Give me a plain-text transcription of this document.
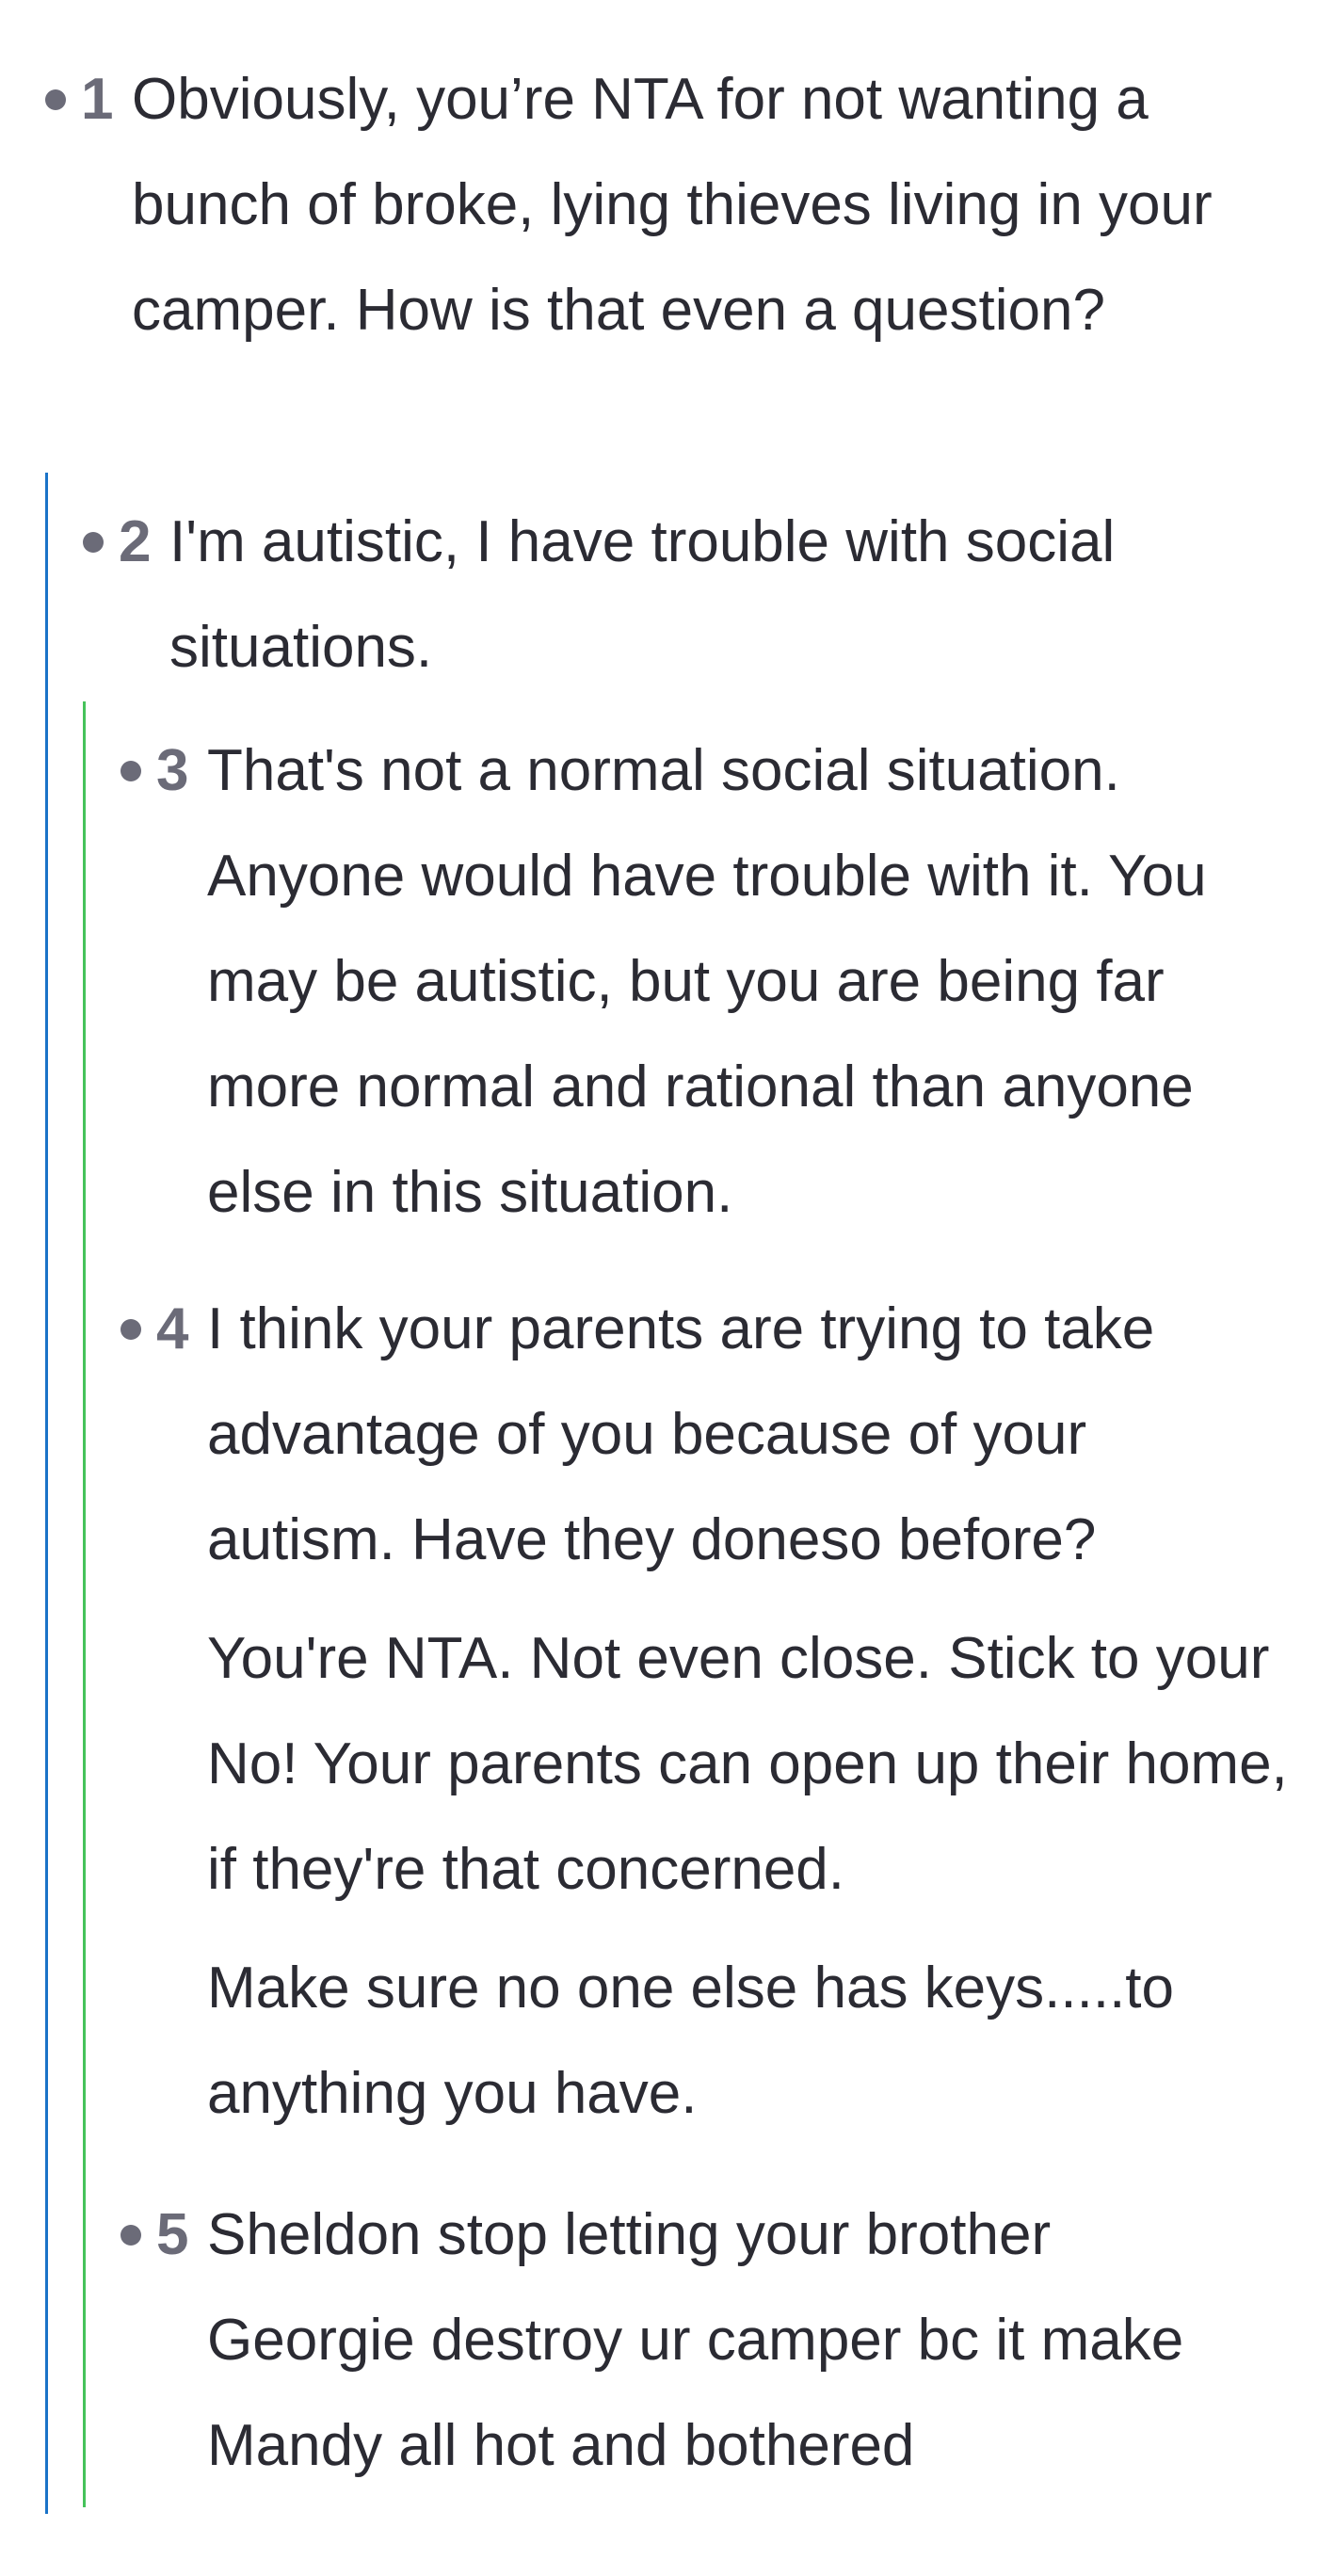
1 Obviously, you’re NTA for not wanting a bunch of broke, lying thieves living in your camper. How is that even a question?

2 I'm autistic, I have trouble with social situations.

3 That's not a normal social situation. Anyone would have trouble with it. You may be autistic, but you are being far more normal and rational than anyone else in this situation.

4 I think your parents are trying to take advantage of you because of your autism. Have they doneso before?

You're NTA. Not even close. Stick to your No! Your parents can open up their home, if they're that concerned.

Make sure no one else has keys.....to anything you have.

5 Sheldon stop letting your brother Georgie destroy ur camper bc it make Mandy all hot and bothered
